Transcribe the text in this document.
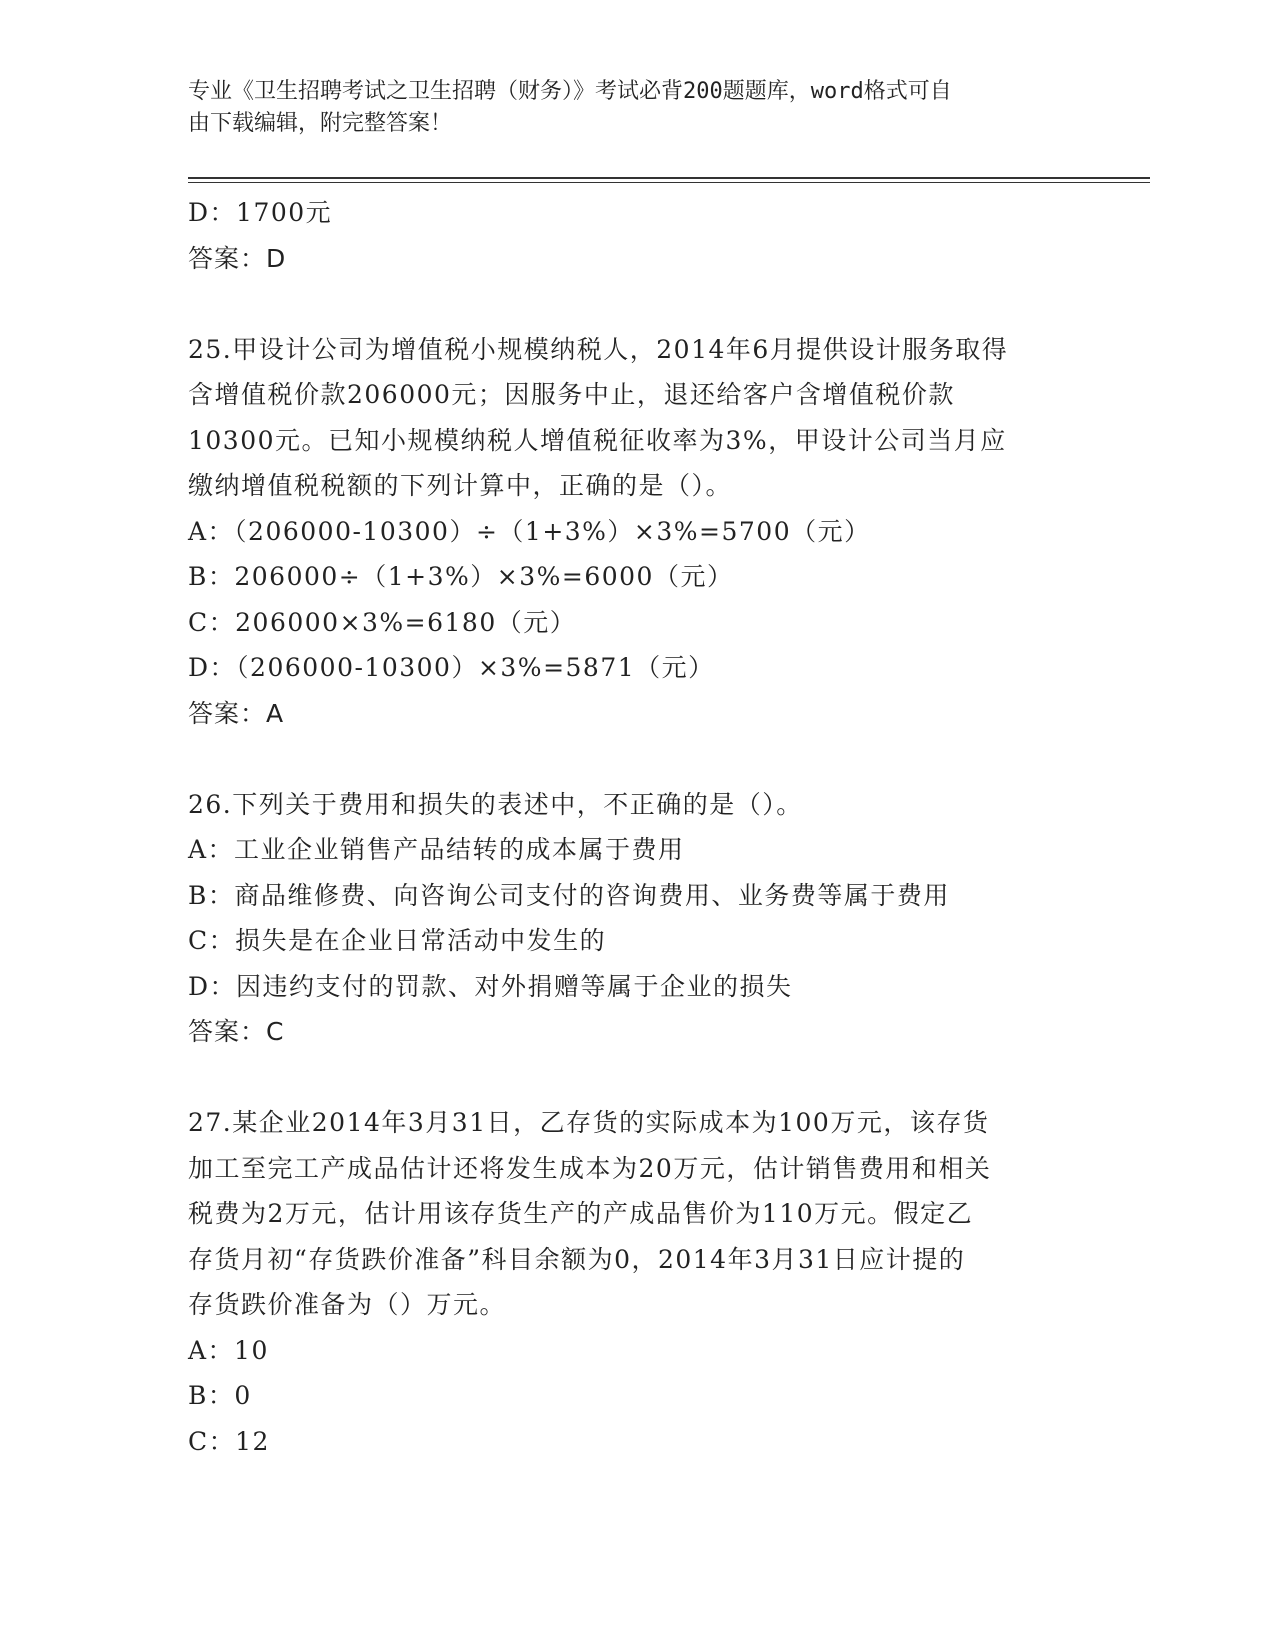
专业《卫生招聘考试之卫生招聘（财务）》考试必背200题题库，word格式可自
由下载编辑，附完整答案！
D：1700元
答案：D
25.甲设计公司为增值税小规模纳税人，2014年6月提供设计服务取得
含增值税价款206000元；因服务中止，退还给客户含增值税价款
10300元。已知小规模纳税人增值税征收率为3%，甲设计公司当月应
缴纳增值税税额的下列计算中，正确的是（）。
A：（206000-10300）÷（1+3%）×3%=5700（元）
B：206000÷（1+3%）×3%=6000（元）
C：206000×3%=6180（元）
D：（206000-10300）×3%=5871（元）
答案：A
26.下列关于费用和损失的表述中，不正确的是（）。
A：工业企业销售产品结转的成本属于费用
B：商品维修费、向咨询公司支付的咨询费用、业务费等属于费用
C：损失是在企业日常活动中发生的
D：因违约支付的罚款、对外捐赠等属于企业的损失
答案：C
27.某企业2014年3月31日，乙存货的实际成本为100万元，该存货
加工至完工产成品估计还将发生成本为20万元，估计销售费用和相关
税费为2万元，估计用该存货生产的产成品售价为110万元。假定乙
存货月初“存货跌价准备”科目余额为0，2014年3月31日应计提的
存货跌价准备为（）万元。
A：10
B：0
C：12
